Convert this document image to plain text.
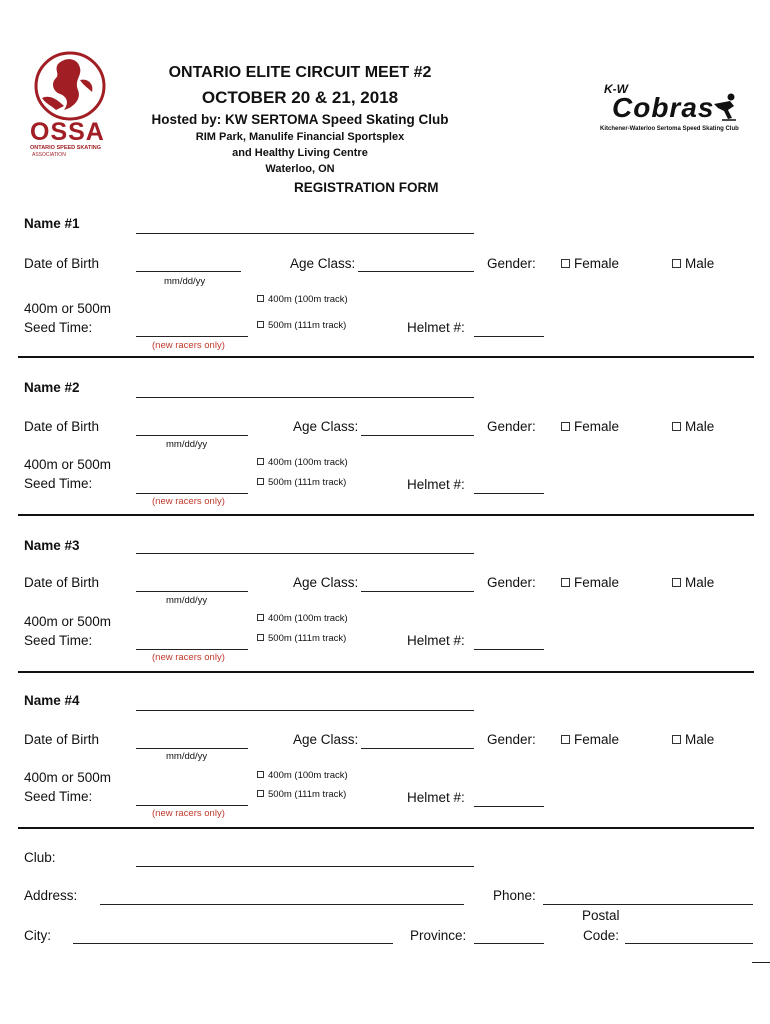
OSSA
ONTARIO SPEED SKATING
ASSOCIATION
K-W
Cobras
Kitchener-Waterloo Sertoma Speed Skating Club
ONTARIO ELITE CIRCUIT MEET #2
OCTOBER 20 & 21, 2018
Hosted by: KW SERTOMA Speed Skating Club
RIM Park, Manulife Financial Sportsplex
and Healthy Living Centre
Waterloo, ON
REGISTRATION FORM
Name #1
Date of Birth
mm/dd/yy
Age Class:	Gender:	Female	Male
400m or 500m
Seed Time:
400m (100m track)
500m (111m track)
(new racers only)
Helmet #:
Name #2
Date of Birth
mm/dd/yy
Age Class:	Gender:	Female	Male
400m or 500m
Seed Time:
400m (100m track)
500m (111m track)
(new racers only)
Helmet #:
Name #3
Date of Birth
mm/dd/yy
Age Class:	Gender:	Female	Male
400m or 500m
Seed Time:
400m (100m track)
500m (111m track)
(new racers only)
Helmet #:
Name #4
Date of Birth
mm/dd/yy
Age Class:	Gender:	Female	Male
400m or 500m
Seed Time:
400m (100m track)
500m (111m track)
(new racers only)
Helmet #:
Club:
Address:	Phone:
City:	Province:
Postal
Code:
